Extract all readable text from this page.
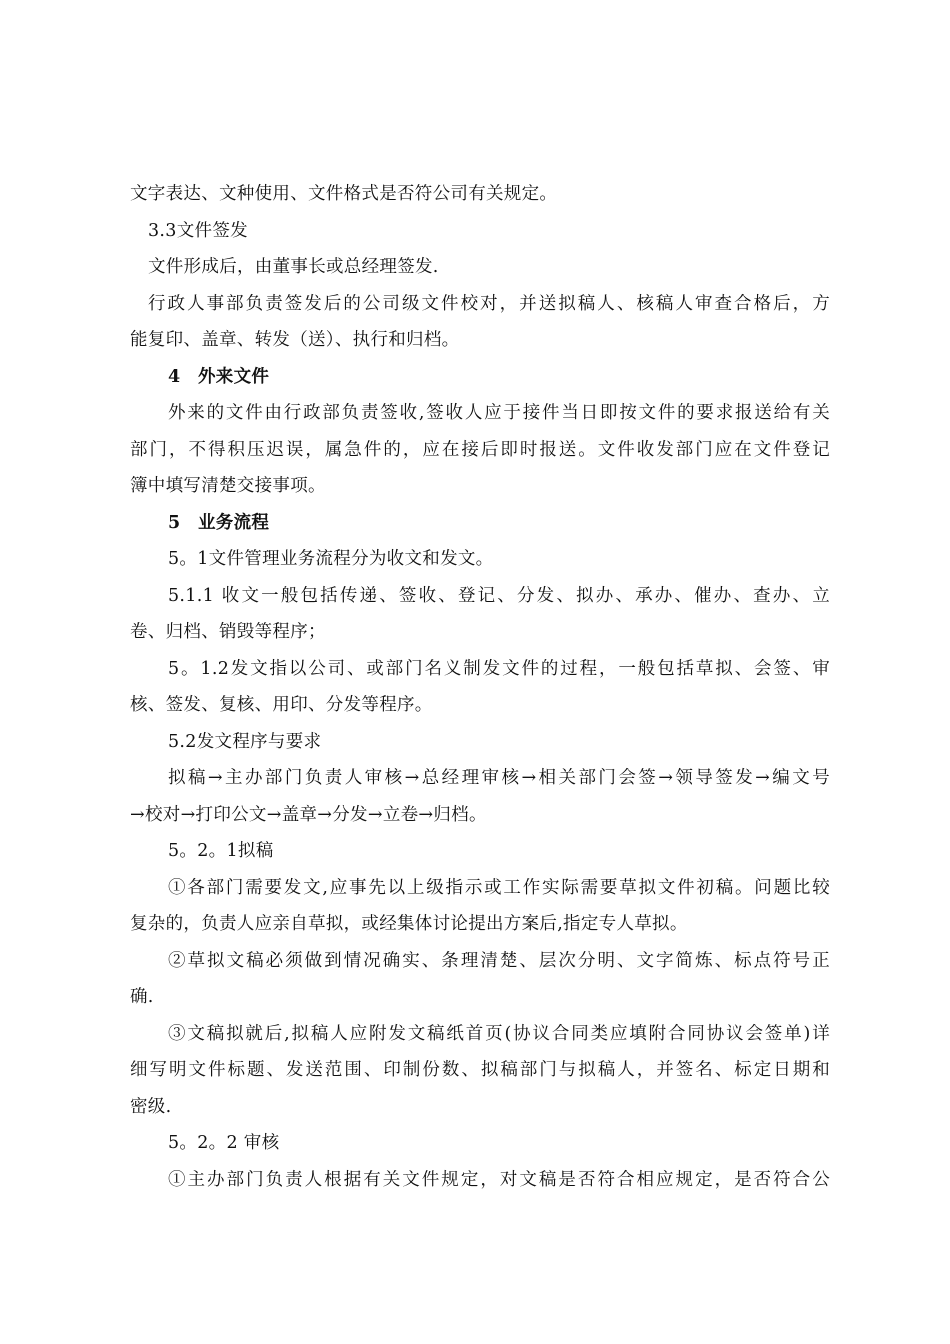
文字表达、文种使用、文件格式是否符公司有关规定。
3.3文件签发
文件形成后，由董事长或总经理签发.
行政人事部负责签发后的公司级文件校对，并送拟稿人、核稿人审查合格后，方
能复印、盖章、转发（送）、执行和归档。
4 外来文件
外来的文件由行政部负责签收,签收人应于接件当日即按文件的要求报送给有关
部门，不得积压迟误，属急件的，应在接后即时报送。文件收发部门应在文件登记
簿中填写清楚交接事项。
5 业务流程
5。1文件管理业务流程分为收文和发文。
5.1.1 收文一般包括传递、签收、登记、分发、拟办、承办、催办、查办、立
卷、归档、销毁等程序；
5。1.2发文指以公司、或部门名义制发文件的过程，一般包括草拟、会签、审
核、签发、复核、用印、分发等程序。
5.2发文程序与要求
拟稿→主办部门负责人审核→总经理审核→相关部门会签→领导签发→编文号
→校对→打印公文→盖章→分发→立卷→归档。
5。2。1拟稿
①各部门需要发文,应事先以上级指示或工作实际需要草拟文件初稿。问题比较
复杂的，负责人应亲自草拟，或经集体讨论提出方案后,指定专人草拟。
②草拟文稿必须做到情况确实、条理清楚、层次分明、文字简炼、标点符号正
确.
③文稿拟就后,拟稿人应附发文稿纸首页(协议合同类应填附合同协议会签单)详
细写明文件标题、发送范围、印制份数、拟稿部门与拟稿人，并签名、标定日期和
密级.
5。2。2 审核
①主办部门负责人根据有关文件规定，对文稿是否符合相应规定，是否符合公
